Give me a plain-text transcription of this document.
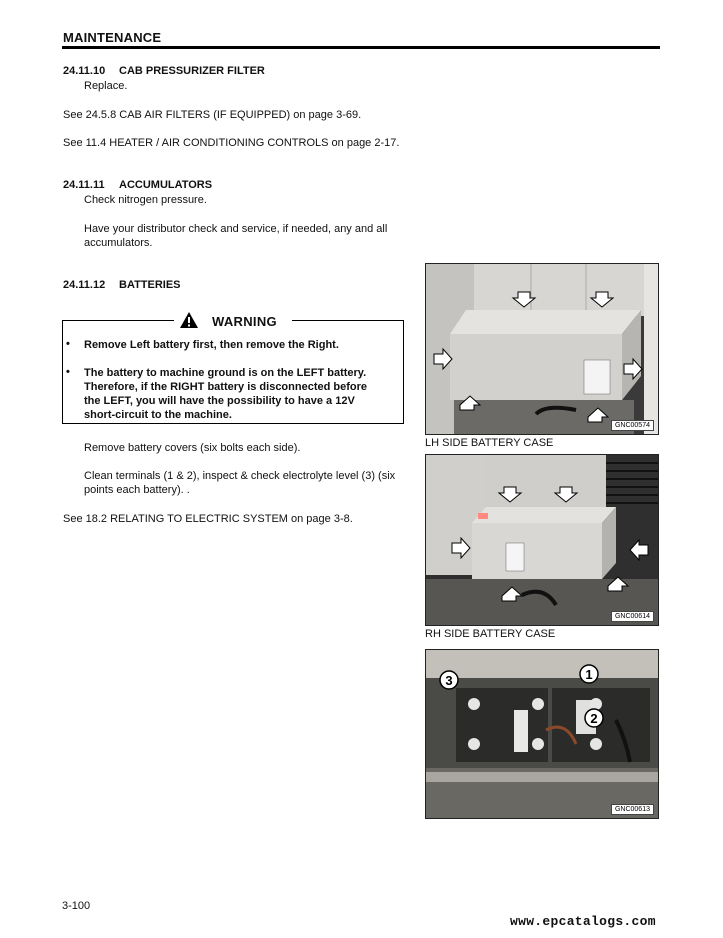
MAINTENANCE
24.11.10 CAB PRESSURIZER FILTER
Replace.
See 24.5.8 CAB AIR FILTERS (IF EQUIPPED) on page 3-69.
See 11.4 HEATER / AIR CONDITIONING CONTROLS on page 2-17.
24.11.11 ACCUMULATORS
Check nitrogen pressure.
Have your distributor check and service, if needed, any and all
accumulators.
24.11.12 BATTERIES
WARNING
• Remove Left battery first, then remove the Right.
• The battery to machine ground is on the LEFT battery.
Therefore, if the RIGHT battery is disconnected before
the LEFT, you will have the possibility to have a 12V
short-circuit to the machine.
Remove battery covers (six bolts each side).
Clean terminals (1 & 2), inspect & check electrolyte level (3) (six
points each battery). .
See 18.2 RELATING TO ELECTRIC SYSTEM on page 3-8.
GNC00574
LH SIDE BATTERY CASE
GNC00614
RH SIDE BATTERY CASE
3	1
2
GNC00613
3-100
www.epcatalogs.com
